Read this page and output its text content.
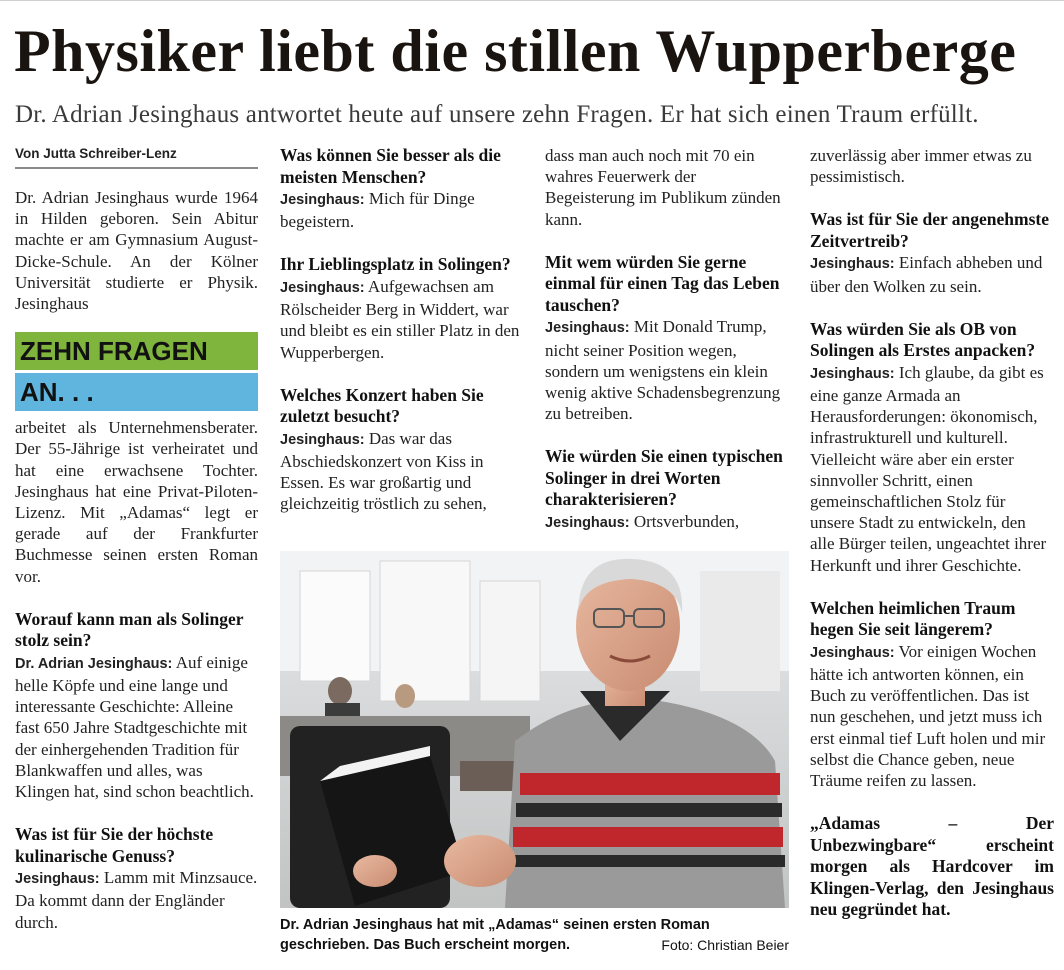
Physiker liebt die stillen Wupperberge
Dr. Adrian Jesinghaus antwortet heute auf unsere zehn Fragen. Er hat sich einen Traum erfüllt.
Von Jutta Schreiber-Lenz

Dr. Adrian Jesinghaus wurde 1964 in Hilden geboren. Sein Abitur machte er am Gymnasium August-Dicke-Schule. An der Kölner Universität studierte er Physik. Jesinghaus

ZEHN FRAGEN
AN. . .

arbeitet als Unternehmensberater. Der 55-Jährige ist verheiratet und hat eine erwachsene Tochter. Jesinghaus hat eine Privat-Piloten-Lizenz. Mit „Adamas“ legt er gerade auf der Frankfurter Buchmesse seinen ersten Roman vor.

Worauf kann man als Solinger stolz sein?

Dr. Adrian Jesinghaus: Auf einige helle Köpfe und eine lange und interessante Geschichte: Alleine fast 650 Jahre Stadtgeschichte mit der einhergehenden Tradition für Blankwaffen und alles, was Klingen hat, sind schon beachtlich.

Was ist für Sie der höchste kulinarische Genuss?

Jesinghaus: Lamm mit Minzsauce. Da kommt dann der Engländer durch.

Was können Sie besser als die meisten Menschen?

Jesinghaus: Mich für Dinge begeistern.

Ihr Lieblingsplatz in Solingen?

Jesinghaus: Aufgewachsen am Rölscheider Berg in Widdert, war und bleibt es ein stiller Platz in den Wupperbergen.

Welches Konzert haben Sie zuletzt besucht?

Jesinghaus: Das war das Abschiedskonzert von Kiss in Essen. Es war großartig und gleichzeitig tröstlich zu sehen,

dass man auch noch mit 70 ein wahres Feuerwerk der Begeisterung im Publikum zünden kann.

Mit wem würden Sie gerne einmal für einen Tag das Leben tauschen?

Jesinghaus: Mit Donald Trump, nicht seiner Position wegen, sondern um wenigstens ein klein wenig aktive Schadensbegrenzung zu betreiben.

Wie würden Sie einen typischen Solinger in drei Worten charakterisieren?

Jesinghaus: Ortsverbunden,

zuverlässig aber immer etwas zu pessimistisch.

Was ist für Sie der angenehmste Zeitvertreib?

Jesinghaus: Einfach abheben und über den Wolken zu sein.

Was würden Sie als OB von Solingen als Erstes anpacken?

Jesinghaus: Ich glaube, da gibt es eine ganze Armada an Herausforderungen: ökonomisch, infrastrukturell und kulturell. Vielleicht wäre aber ein erster sinnvoller Schritt, einen gemeinschaftlichen Stolz für unsere Stadt zu entwickeln, den alle Bürger teilen, ungeachtet ihrer Herkunft und ihrer Geschichte.

Welchen heimlichen Traum hegen Sie seit längerem?

Jesinghaus: Vor einigen Wochen hätte ich antworten können, ein Buch zu veröffentlichen. Das ist nun geschehen, und jetzt muss ich erst einmal tief Luft holen und mir selbst die Chance geben, neue Träume reifen zu lassen.

„Adamas – Der Unbezwingbare“ erscheint morgen als Hardcover im Klingen-Verlag, den Jesinghaus neu gegründet hat.

Dr. Adrian Jesinghaus hat mit „Adamas“ seinen ersten Roman geschrieben. Das Buch erscheint morgen.	Foto: Christian Beier
